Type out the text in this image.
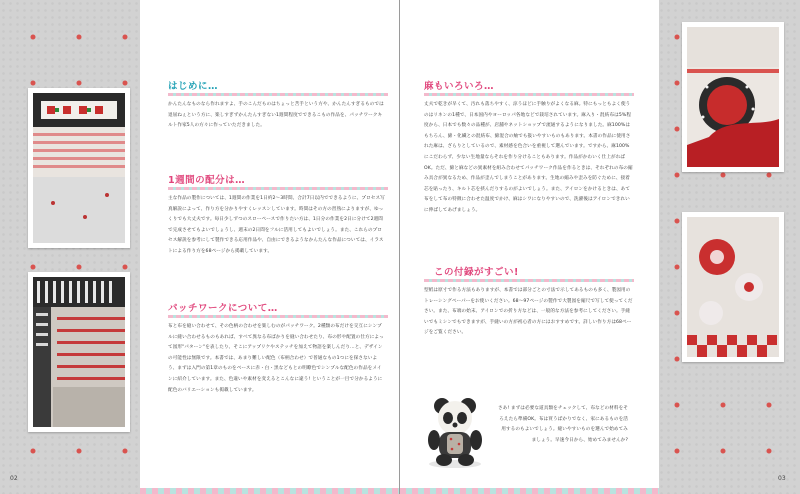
はじめに…
かんたんなものなら作れますよ、手のこんだものはちょっと苦手という方や、かんたんすぎるものでは退屈ねぇという方に、楽しすぎずかんたんすぎない1週間程度でできるこもの作品を、パッチワークキルト作家5人の方々に作っていただきました。
1週間の配分は…
主な作品の製作については、1週間の作業を1日約2～3時間、合計7日以内でできるように、プロセス写真解説によって、作り方を分かりやすくレッスンしています。時間はその方の習熟によりますが、ゆっくりでも大丈夫です。毎日少しずつのスローペースで作りたい方は、1日分の作業を2日に分けて2週間で完成させてもよいでしょうし、週末の2日間をフルに活用してもよいでしょう。また、これらのプロセス解説を参考にして製作できる応用作品や、自由にできるようなかんたんな作品については、イラストによる作り方を68ページから掲載しています。
パッチワークについて…
布と布を縫い合わせて、その色柄の合わせを楽しむのがパッチワーク。2種類の布だけを交互にシンプルに縫い合わせるものもあれば、すべて異なる布ばかりを縫い合わせたり、布の形や配置の仕方によって図形"パターン"を表したり、そこにアップリケやステッチを加えて物語を楽しんだり…と、デザインの可能性は無限です。本書では、あまり難しい配色（布柄合わせ）で普通なもの1つにを探さないよう、まずは入門の第1章のものをベースに赤・白・黒などもとの明瞭色でシンプルな配色の作品をメインに紹介しています。また、色違いや素材を変えるとこんなに違う! ということが一目で分かるように配色のバリエーションも掲載しています。
02
麻もいろいろ…
丈夫で乾きが早くて、汚れも落ちやすく、涼うほどに手触りがよくなる麻。特にもっともよく使うのはリネンの1種で、日本国内やヨーロッパ各地などで栽培されています。麻入り・混紡布は5%程度から、日本でも数々の品種が、店舗やネットショップで流通するようになりました。麻100%はもちろん、綿・化繊との混紡布、綿混合の紬でも扱いやすいものもあります。本書の作品に使用された麻は、ざらりとしているので、素材感を色合いを重視して選んでいます。ですから、麻100%にこだわらず、少ない生地量ならそれを作り分けることもあります。作品がかわいく仕上がればOK。ただ、綿と麻などの異素材を組み合わせてパッチワーク作品を作るときは、それぞれの布の縮み具合が異なるため、作品が歪んでしまうことがあります。生地の縮みや歪みを防ぐために、接着芯を貼ったり、キルト芯を挟んだりするのがよいでしょう。また、アイロンをかけるときは、あて布をして布の特徴に合わせた温度でかけ、麻はシワになりやすいので、洗濯後はアイロンできれいに伸ばしてあげましょう。
この付録がすごい!
型紙は原寸で作る方法もありますが、本書では部分ごとの寸法で示してあるものも多く、製図用のトレーシングペーパーをお使いください。68～97ページの製作で大製図を縮尺で写して使ってください。また、布端の始末、アイロンでの折り方などは、一般的な方法を参考にしてください。手縫いでもミシンでもできますが、手縫いの方が初心者の方にはおすすめです。詳しい作り方は68ページをご覧ください。
さあ! まずは必要な道具類をチェックして、布などの材料をそろえたら準備OK。布は買うばかりでなく、家にあるものを活用するのもよいでしょう。縫いやすいものを選んで始めてみましょう。早速今日から、始めてみませんか?
03
